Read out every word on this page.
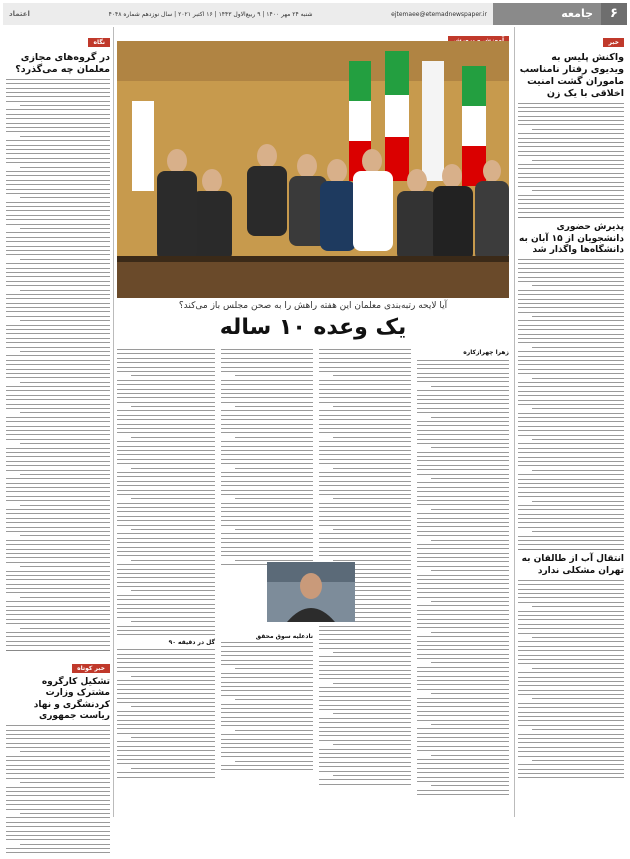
۶
جامعه
اعتماد	شنبه ۲۴ مهر ۱۴۰۰ | ۹ ربیع‌الاول ۱۴۴۳ | ۱۶ اکتبر ۲۰۲۱ | سال نوزدهم شماره ۴۰۴۸	ejtemaee@etemadnewspaper.ir
خبر
واکنش پلیس به ویدیوی رفتار نامناسب ماموران گشت امنیت اخلاقی با یک زن
پذیرش حضوری دانشجویان از ۱۵ آبان به دانشگاه‌ها واگذار شد
انتقال آب از طالقان به تهران مشکلی ندارد
نگاه
در گروه‌های مجازی معلمان چه می‌گذرد؟
خبر کوتاه
تشکیل کارگروه مشترک وزارت کردنشگری و نهاد ریاست جمهوری
آیا لایحه رتبه‌بندی معلمان این هفته راهش را به صحن مجلس باز می‌کند؟
یک وعده ۱۰ ساله
زهرا چهرازکاره
نادعلیه سوق محقق
گل در دقیقه ۹۰
